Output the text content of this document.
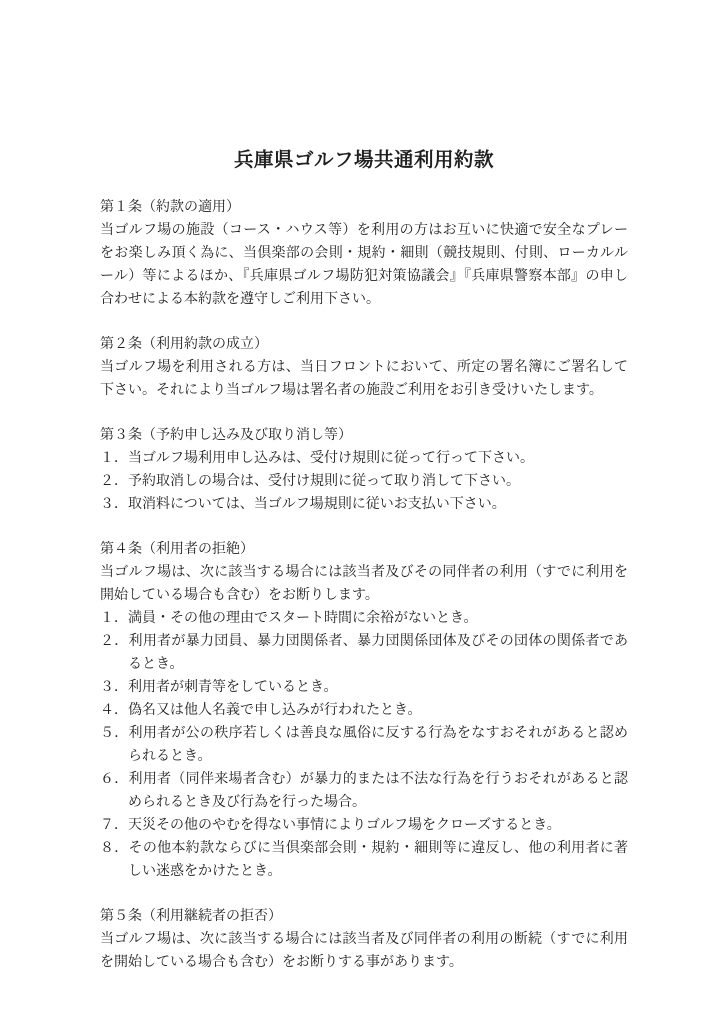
兵庫県ゴルフ場共通利用約款

第１条（約款の適用）

当ゴルフ場の施設（コース・ハウス等）を利用の方はお互いに快適で安全なプレーをお楽しみ頂く為に、当倶楽部の会則・規約・細則（競技規則、付則、ローカルルール）等によるほか、『兵庫県ゴルフ場防犯対策協議会』『兵庫県警察本部』の申し合わせによる本約款を遵守しご利用下さい。

第２条（利用約款の成立）

当ゴルフ場を利用される方は、当日フロントにおいて、所定の署名簿にご署名して下さい。それにより当ゴルフ場は署名者の施設ご利用をお引き受けいたします。

第３条（予約申し込み及び取り消し等）

１．当ゴルフ場利用申し込みは、受付け規則に従って行って下さい。

２．予約取消しの場合は、受付け規則に従って取り消して下さい。

３．取消料については、当ゴルフ場規則に従いお支払い下さい。

第４条（利用者の拒絶）

当ゴルフ場は、次に該当する場合には該当者及びその同伴者の利用（すでに利用を開始している場合も含む）をお断りします。

１．満員・その他の理由でスタート時間に余裕がないとき。

２．利用者が暴力団員、暴力団関係者、暴力団関係団体及びその団体の関係者であるとき。

３．利用者が刺青等をしているとき。

４．偽名又は他人名義で申し込みが行われたとき。

５．利用者が公の秩序若しくは善良な風俗に反する行為をなすおそれがあると認められるとき。

６．利用者（同伴来場者含む）が暴力的または不法な行為を行うおそれがあると認められるとき及び行為を行った場合。

７．天災その他のやむを得ない事情によりゴルフ場をクローズするとき。

８．その他本約款ならびに当倶楽部会則・規約・細則等に違反し、他の利用者に著しい迷惑をかけたとき。

第５条（利用継続者の拒否）

当ゴルフ場は、次に該当する場合には該当者及び同伴者の利用の断続（すでに利用を開始している場合も含む）をお断りする事があります。
